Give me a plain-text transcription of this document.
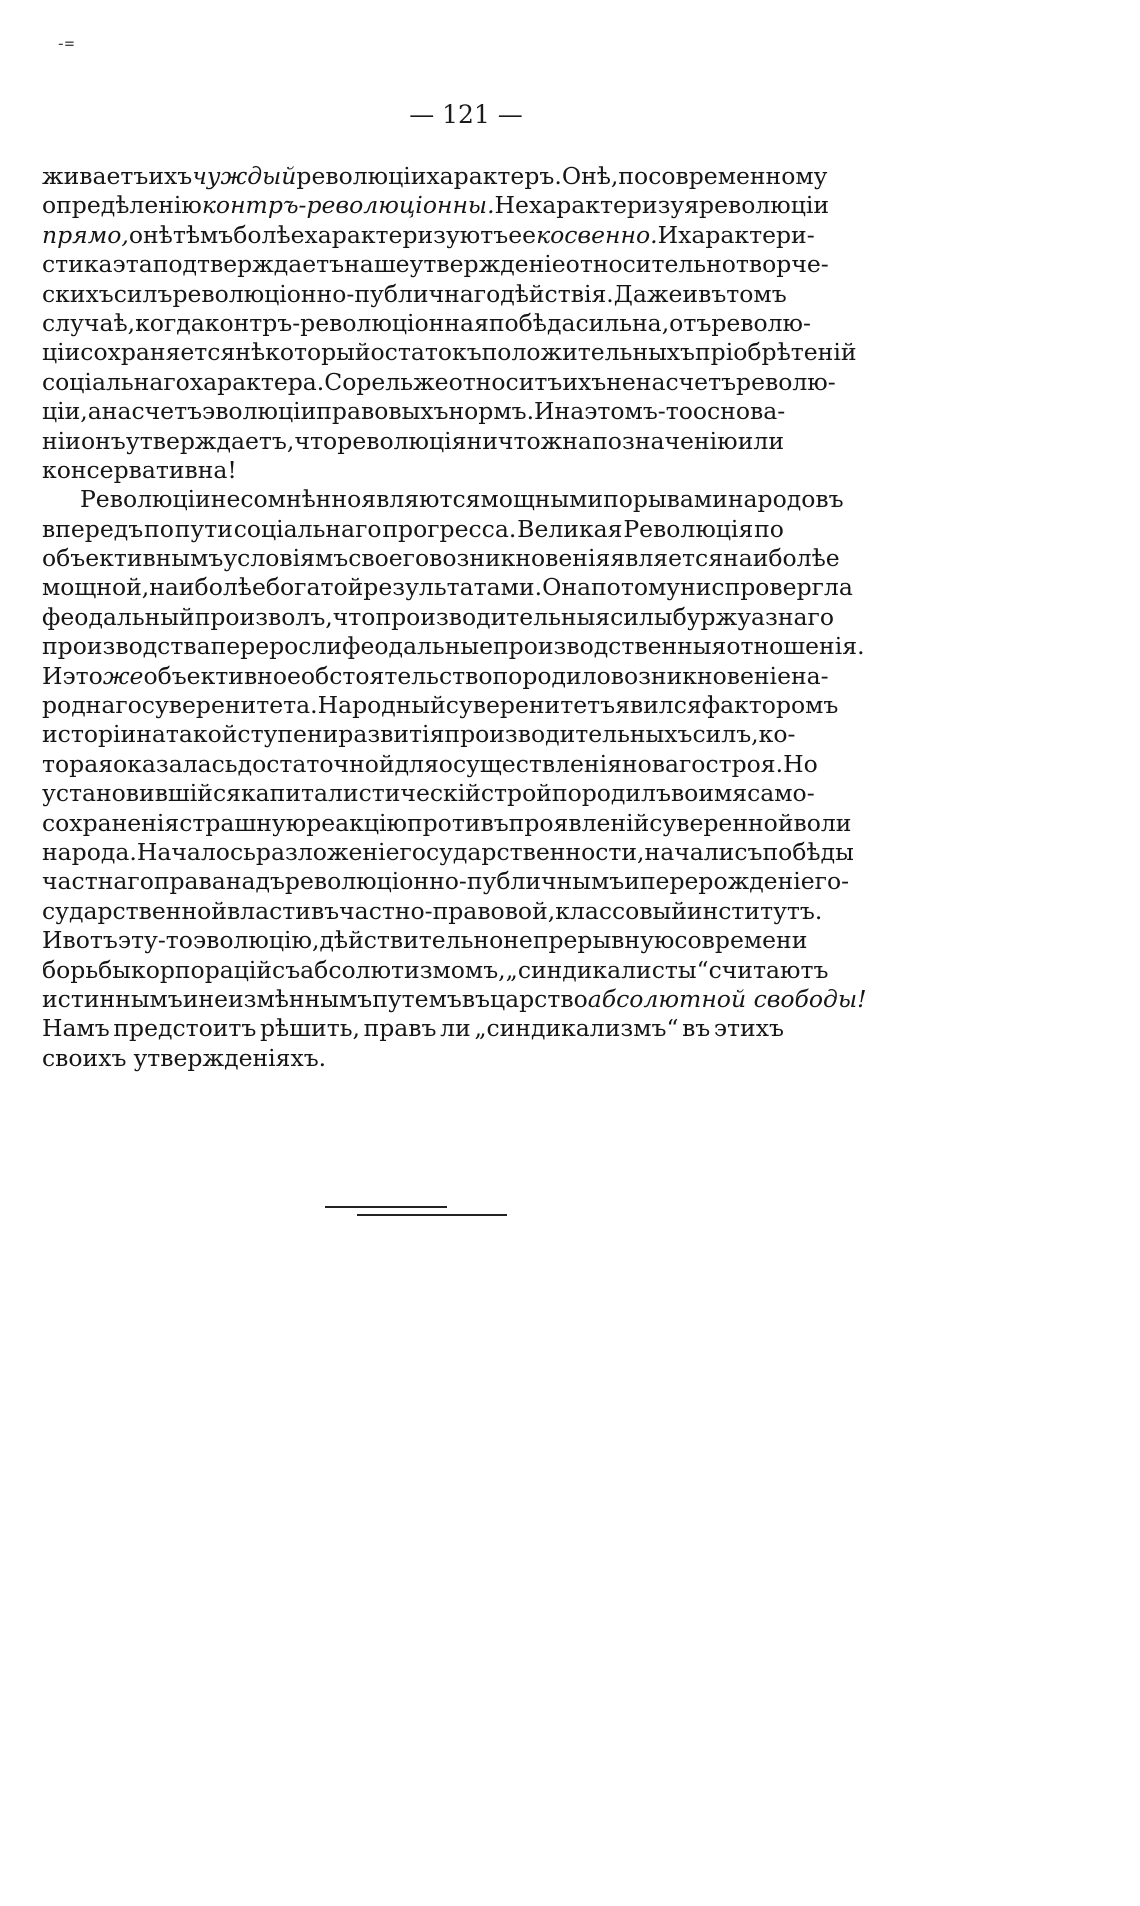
-=
— 121 —
живаетъ ихъ чуждый революціи характеръ. Онѣ, по современному
опредѣленію контръ-революціонны. Не характеризуя революціи
прямо, онѣ тѣмъ болѣе характеризуютъ ее косвенно. И характери-
стика эта подтверждаетъ наше утвержденіе относительно творче-
скихъ силъ революціонно-публичнаго дѣйствія. Даже и въ томъ
случаѣ, когда контръ-революціонная побѣда сильна, отъ револю-
ціи сохраняется нѣкоторый остатокъ положительныхъ пріобрѣтеній
соціальнаго характера. Сорель же относитъ ихъ не на счетъ револю-
ціи, а на счетъ эволюціи правовыхъ нормъ. И на этомъ-то основа-
ніи онъ утверждаетъ, что революція ничтожна по значенію или
консервативна!
Революціи несомнѣнно являются мощными порывами народовъ
впередъ по пути соціальнаго прогресса. Великая Революція по
объективнымъ условіямъ своего возникновенія является наиболѣе
мощной, наиболѣе богатой результатами. Она потому ниспровергла
феодальный произволъ, что производительныя силы буржуазнаго
производства переросли феодальные производственныя отношенія.
И это же объективное обстоятельство породило возникновеніе на-
роднаго суверенитета. Народный суверенитетъ явился факторомъ
исторіи на такой ступени развитія производительныхъ силъ, ко-
торая оказалась достаточной для осуществленія новаго строя. Но
установившійся капиталистическій строй породилъ во имя само-
сохраненія страшную реакцію противъ проявленій суверенной воли
народа. Началось разложеніе государственности, началисъ побѣды
частнаго права надъ революціонно-публичнымъ и перерожденіе го-
сударственной власти въ частно-правовой, классовый институтъ.
И вотъ эту-то эволюцію, дѣйствительно непрерывную со времени
борьбы корпорацій съ абсолютизмомъ, „синдикалисты“ считаютъ
истиннымъ и неизмѣннымъ путемъ въ царство абсолютной свободы!
Намъ предстоитъ рѣшить, правъ ли „синдикализмъ“ въ этихъ
своихъ утвержденіяхъ.
